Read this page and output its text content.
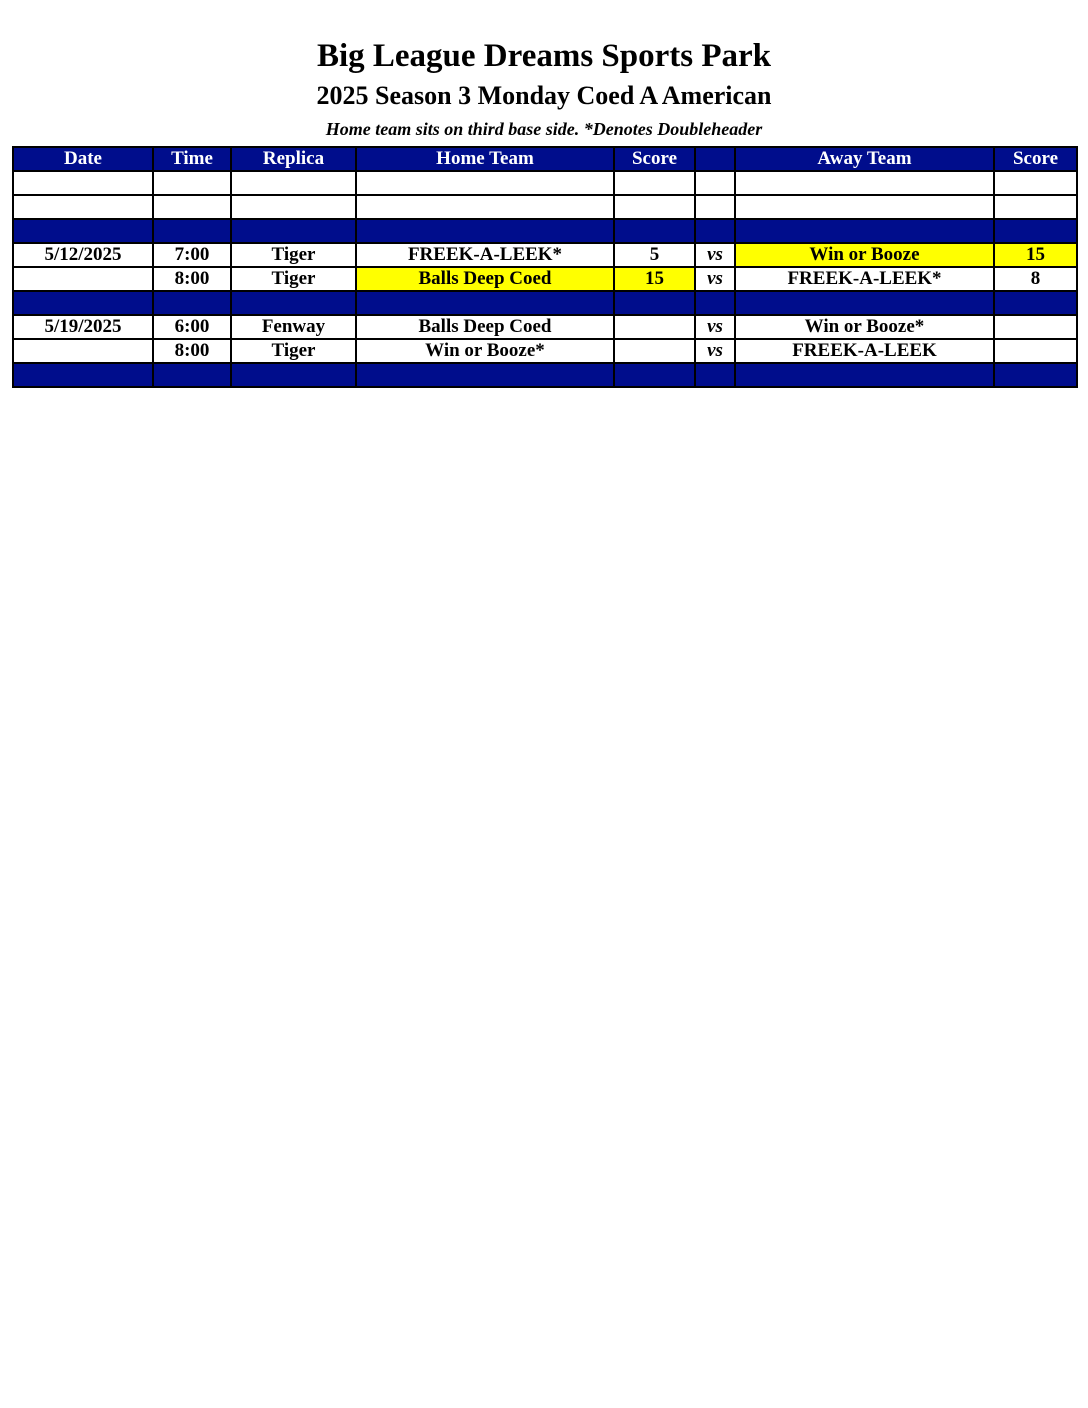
Big League Dreams Sports Park
2025 Season 3 Monday Coed A American
Home team sits on third base side. *Denotes Doubleheader
Date	Time	Replica	Home Team	Score		Away Team	Score

5/12/2025	7:00	Tiger	FREEK-A-LEEK*	5	vs	Win or Booze	15
	8:00	Tiger	Balls Deep Coed	15	vs	FREEK-A-LEEK*	8

5/19/2025	6:00	Fenway	Balls Deep Coed		vs	Win or Booze*	
	8:00	Tiger	Win or Booze*		vs	FREEK-A-LEEK	
